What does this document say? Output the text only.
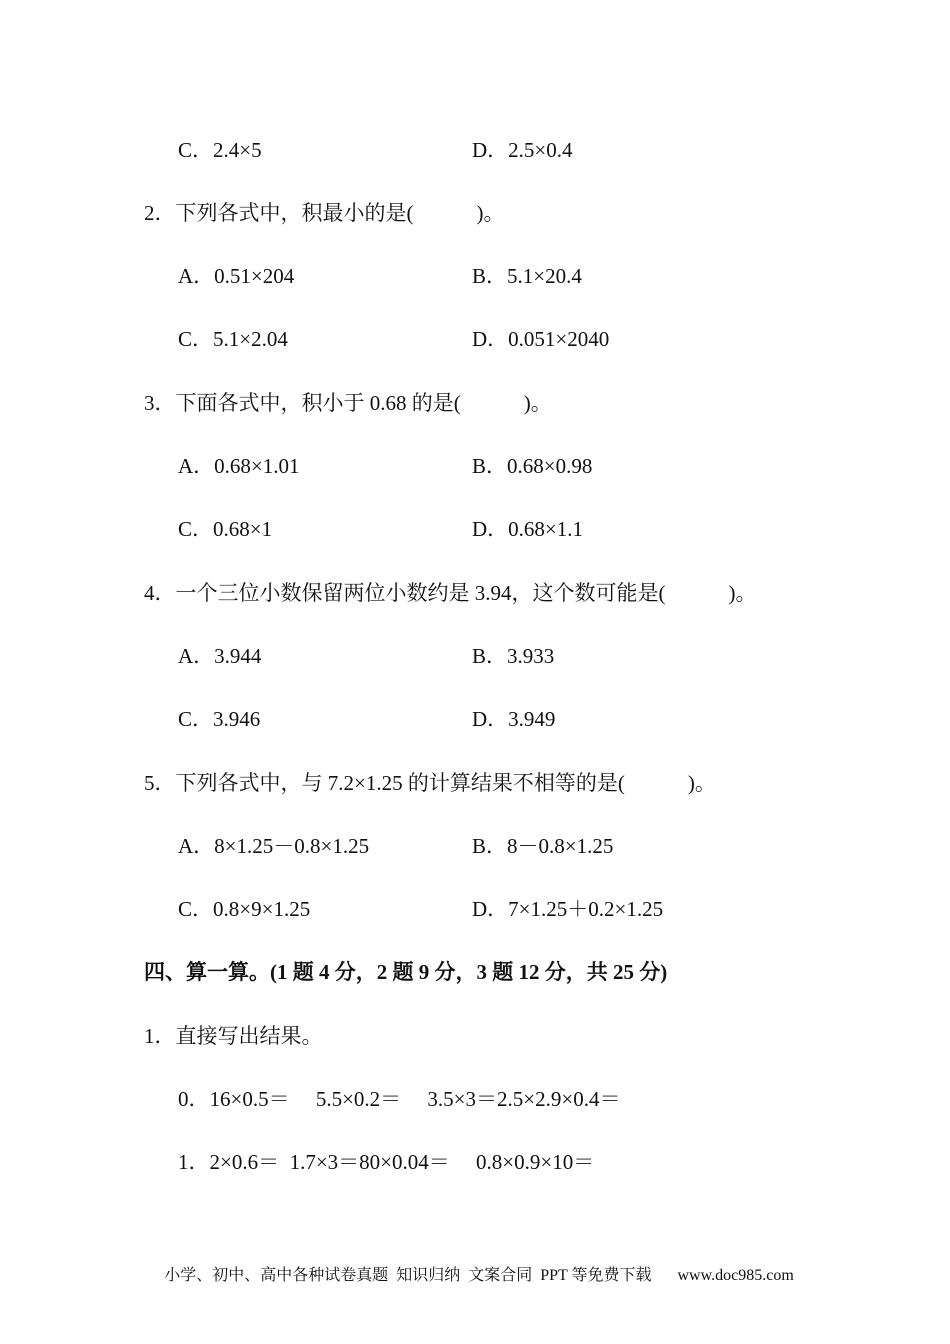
C．2.4×5	D．2.5×0.4
2．下列各式中，积最小的是(　　　)。
A．0.51×204	B．5.1×20.4
C．5.1×2.04	D．0.051×2040
3．下面各式中，积小于 0.68 的是(　　　)。
A．0.68×1.01	B．0.68×0.98
C．0.68×1	D．0.68×1.1
4．一个三位小数保留两位小数约是 3.94，这个数可能是(　　　)。
A．3.944	B．3.933
C．3.946	D．3.949
5．下列各式中，与 7.2×1.25 的计算结果不相等的是(　　　)。
A．8×1.25－0.8×1.25	B．8－0.8×1.25
C．0.8×9×1.25	D．7×1.25＋0.2×1.25
四、算一算。(1 题 4 分，2 题 9 分，3 题 12 分，共 25 分)
1．直接写出结果。
0．16×0.5＝　 5.5×0.2＝　 3.5×3＝2.5×2.9×0.4＝
1．2×0.6＝  1.7×3＝80×0.04＝　 0.8×0.9×10＝

小学、初中、高中各种试卷真题  知识归纳  文案合同  PPT 等免费下载 www.doc985.com
